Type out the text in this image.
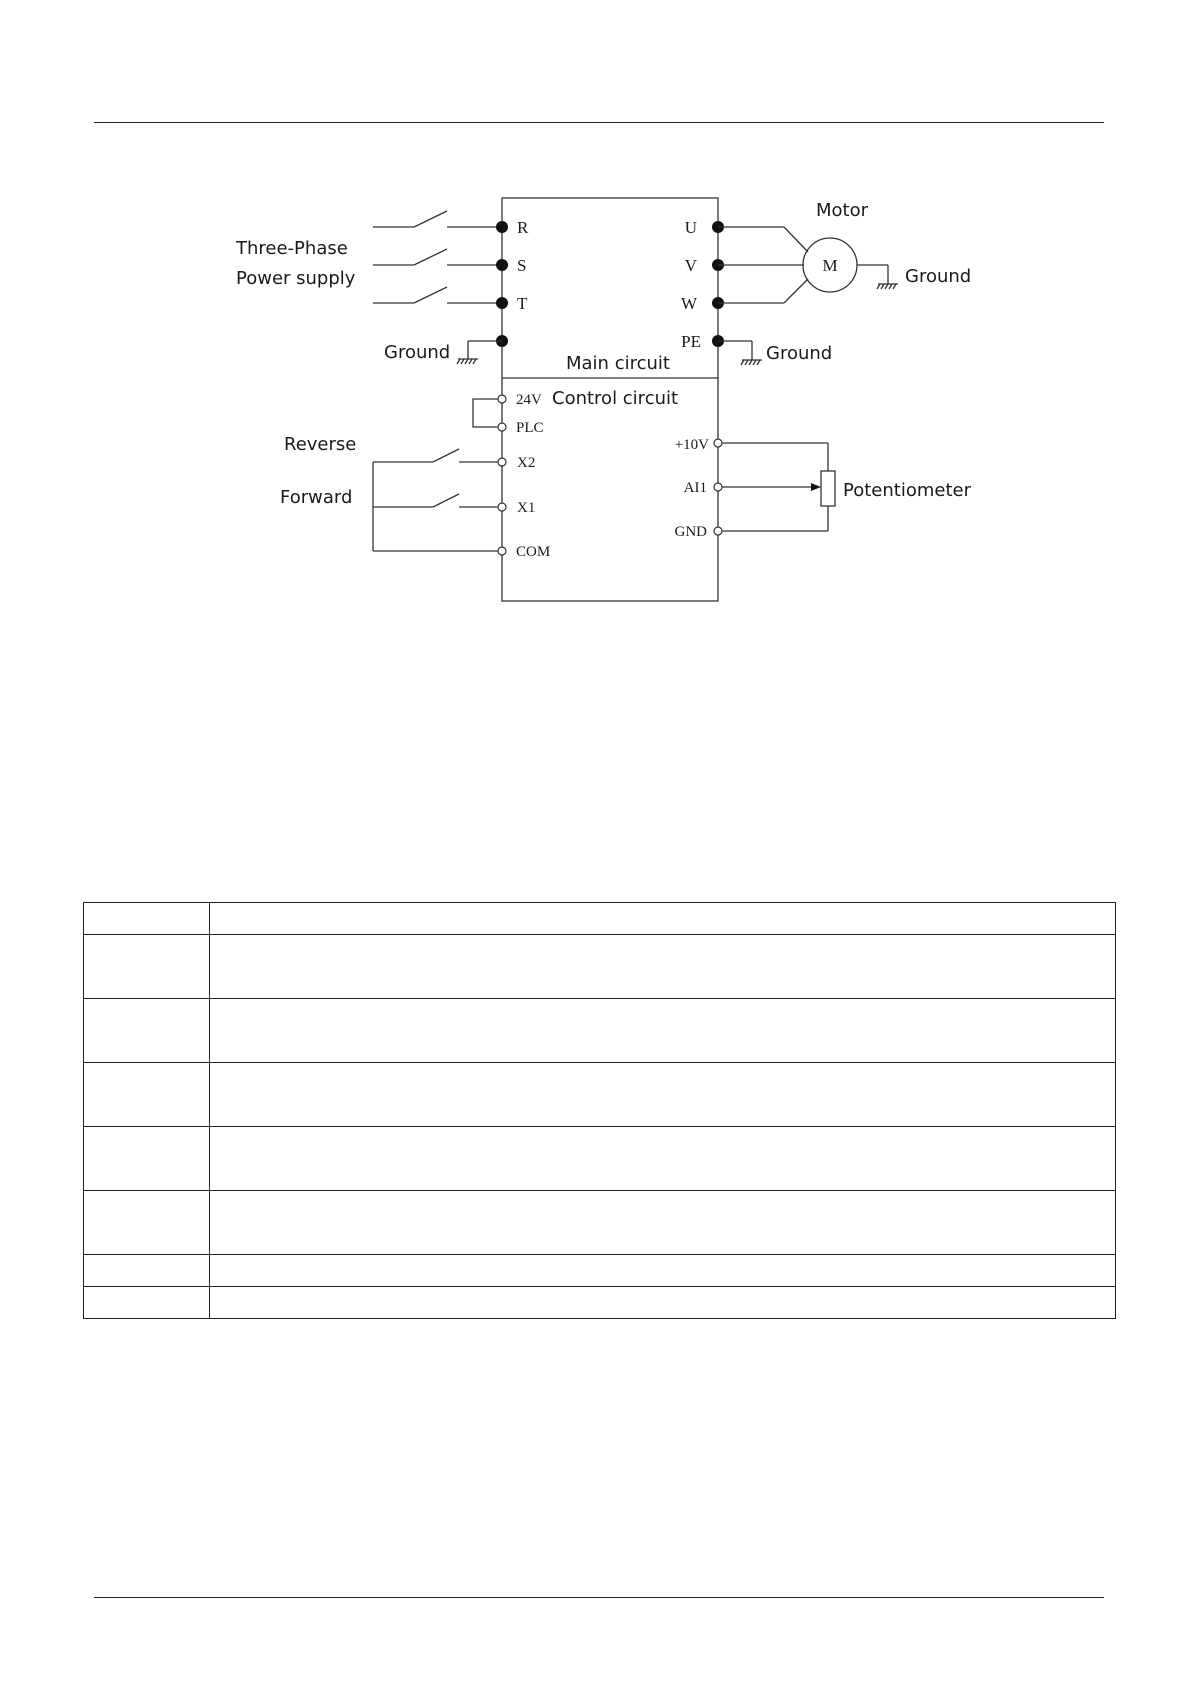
Three-Phase
Power supply
Motor
M
Ground
Ground	Ground
Main circuit
Control circuit
Reverse
Forward	Potentiometer
R
S
T
U
V
W
PE
24V
PLC
X2
X1
COM
+10V
AI1
GND
